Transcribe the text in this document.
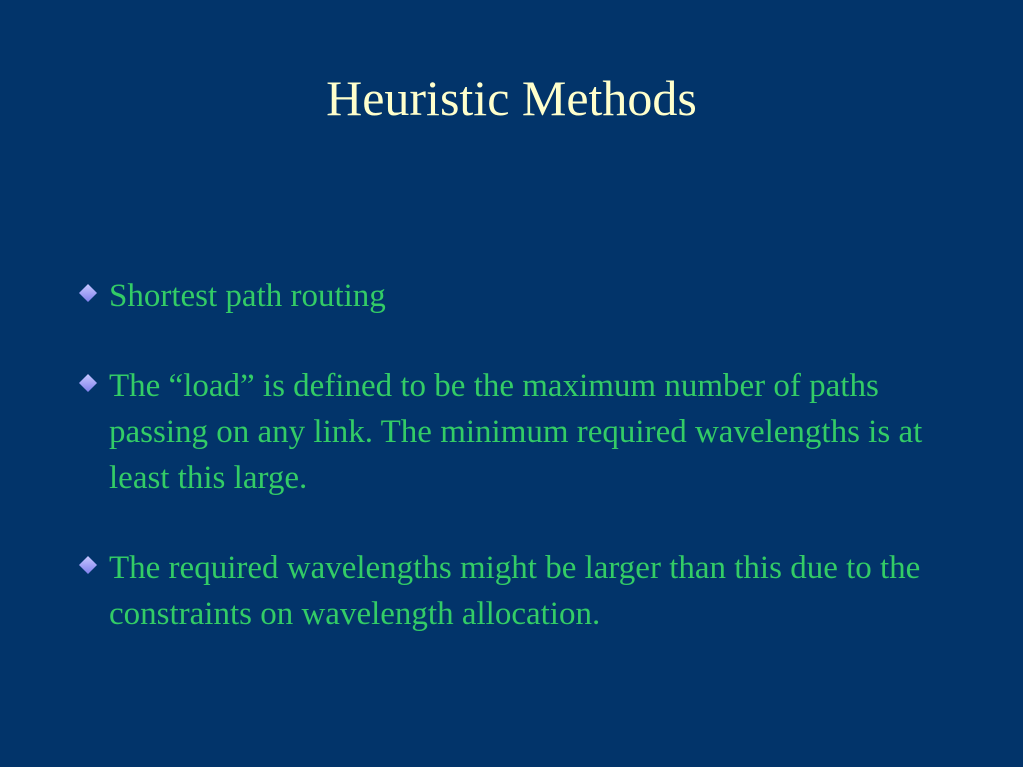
Heuristic Methods
Shortest path routing
The “load” is defined to be the maximum number of paths passing on any link. The minimum required wavelengths is at least this large.
The required wavelengths might be larger than this due to the constraints on wavelength allocation.
